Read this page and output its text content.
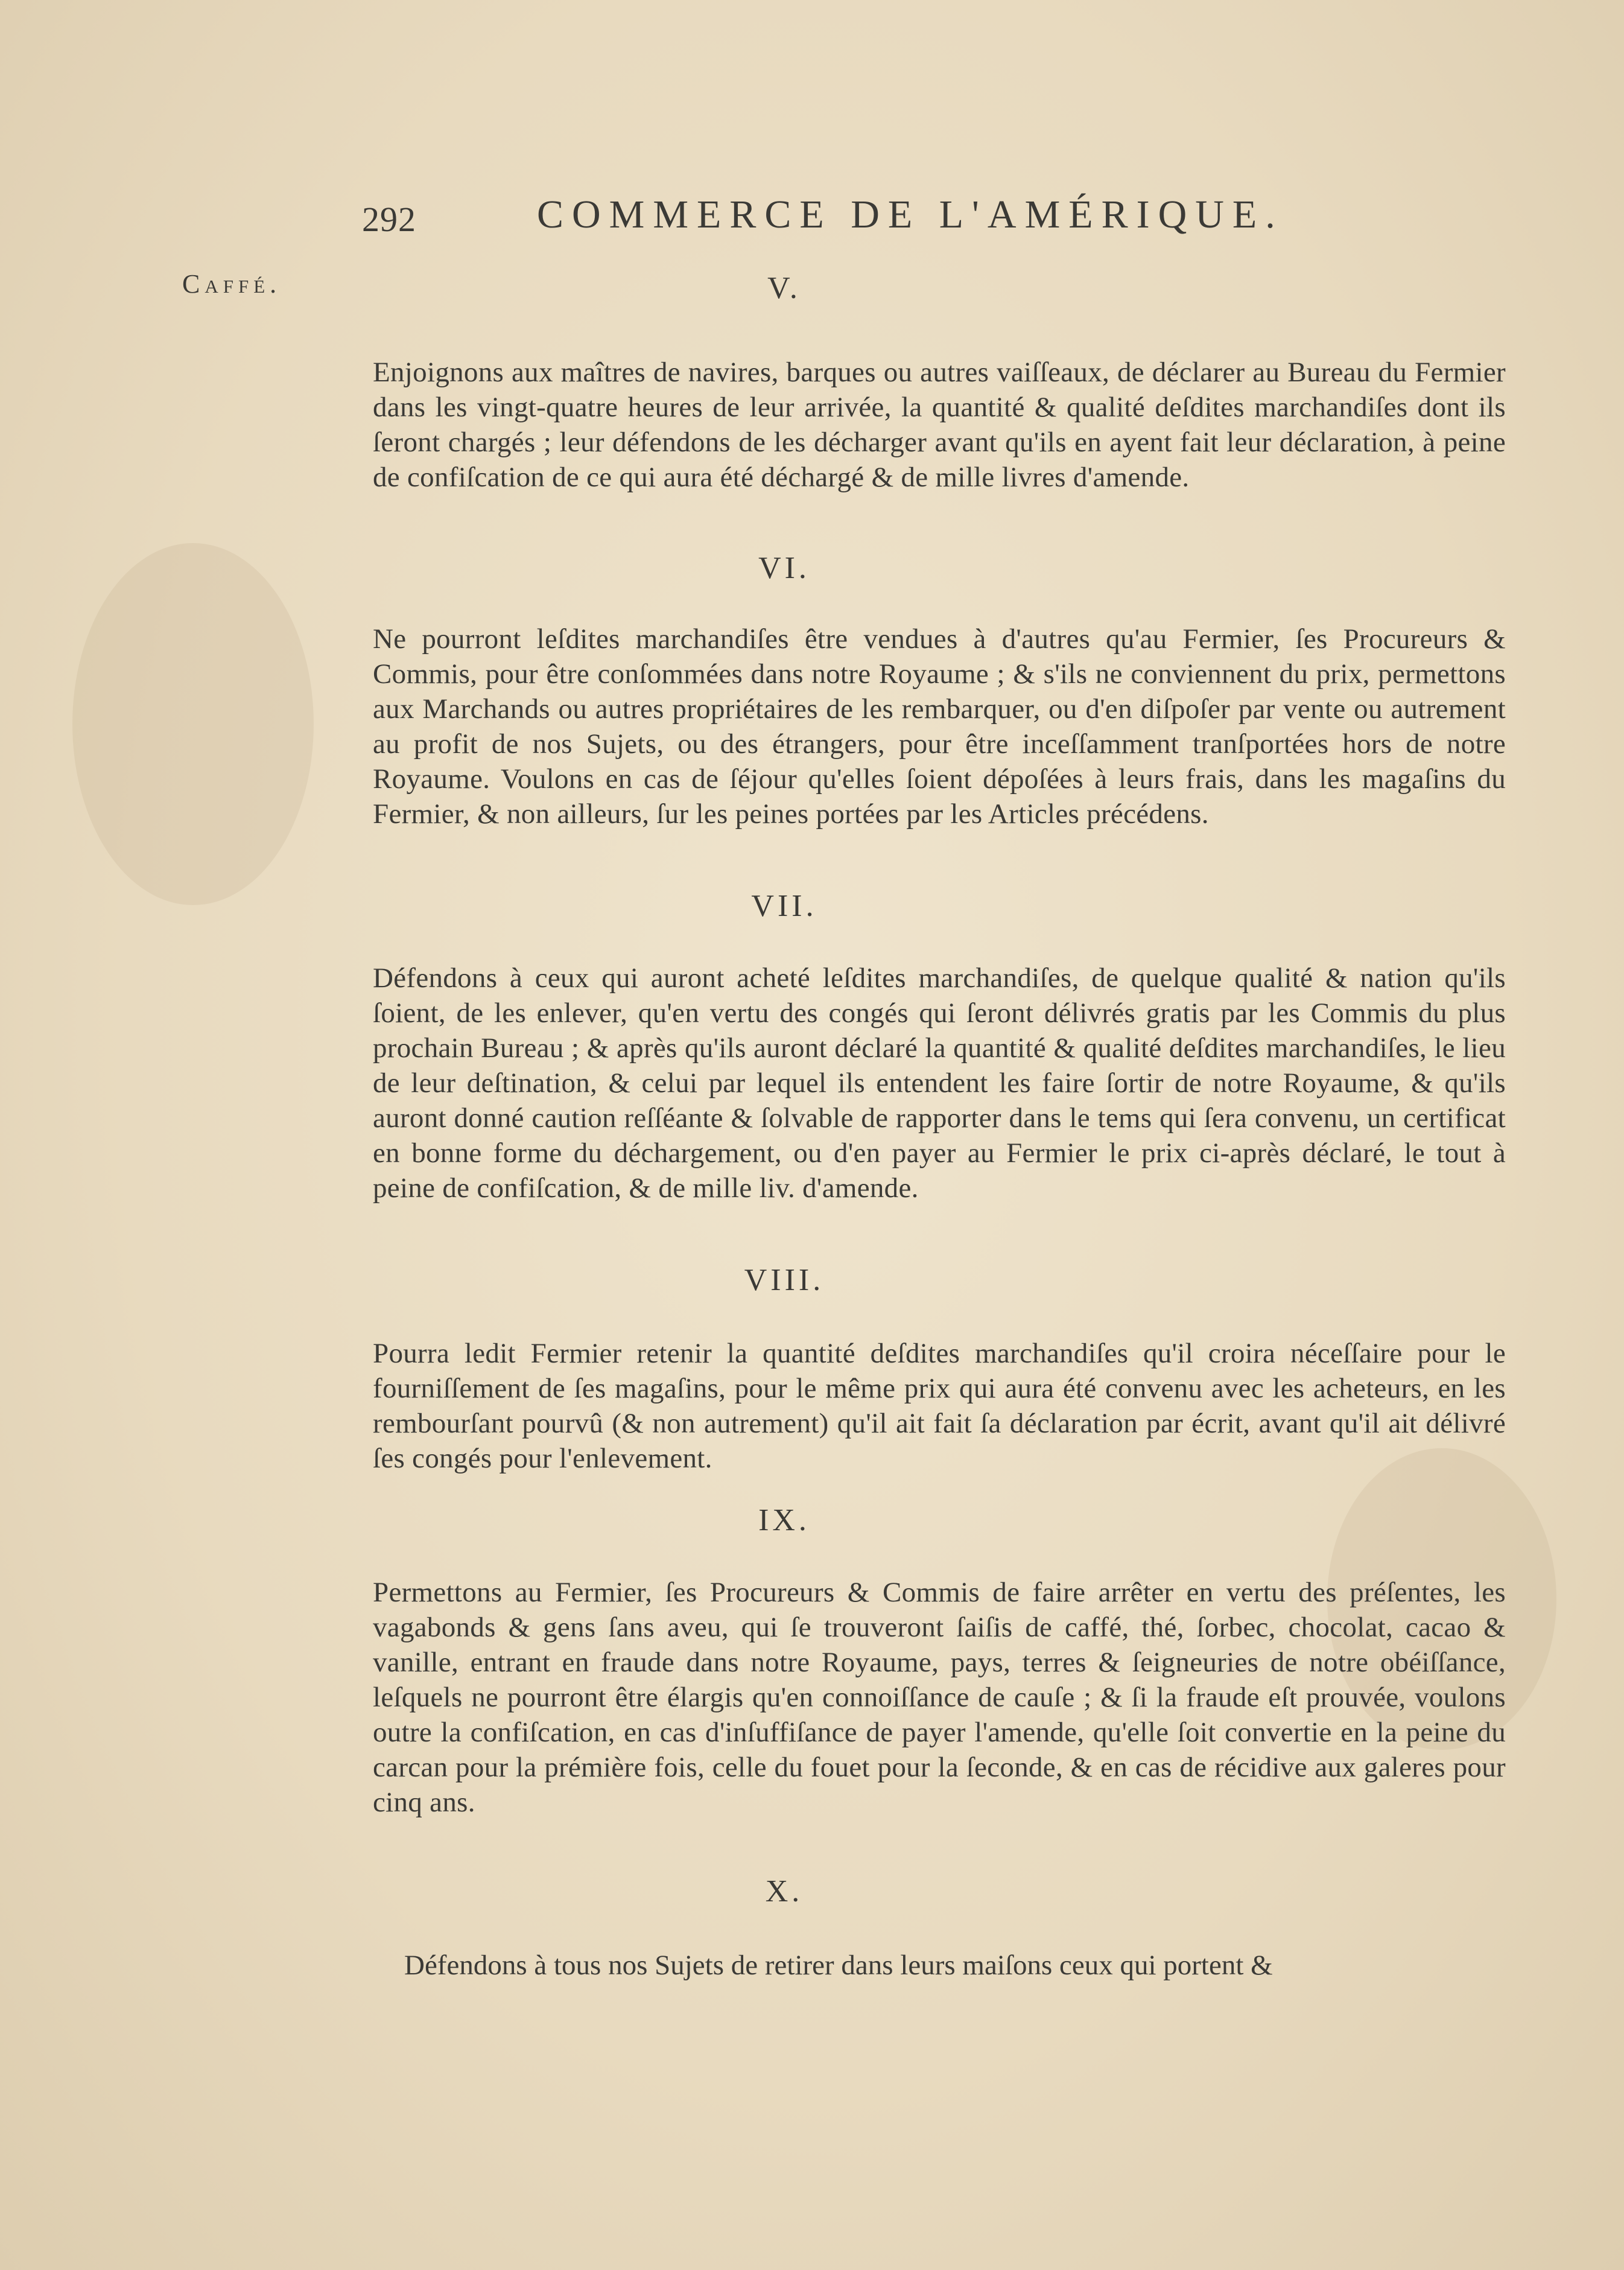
292	COMMERCE DE L'AMÉRIQUE.
Caffé.	V.
Enjoignons aux maîtres de navires, barques ou autres vaiſſeaux, de déclarer au Bureau du Fermier dans les vingt-quatre heures de leur arrivée, la quantité & qualité deſdites marchandiſes dont ils ſeront chargés ; leur défendons de les décharger avant qu'ils en ayent fait leur déclaration, à peine de confiſcation de ce qui aura été déchargé & de mille livres d'amende.
VI.
Ne pourront leſdites marchandiſes être vendues à d'autres qu'au Fermier, ſes Procureurs & Commis, pour être conſommées dans notre Royaume ; & s'ils ne conviennent du prix, permettons aux Marchands ou autres propriétaires de les rembarquer, ou d'en diſpoſer par vente ou autrement au profit de nos Sujets, ou des étrangers, pour être inceſſamment tranſportées hors de notre Royaume. Voulons en cas de ſéjour qu'elles ſoient dépoſées à leurs frais, dans les magaſins du Fermier, & non ailleurs, ſur les peines portées par les Articles précédens.
VII.
Défendons à ceux qui auront acheté leſdites marchandiſes, de quelque qualité & nation qu'ils ſoient, de les enlever, qu'en vertu des congés qui ſeront délivrés gratis par les Commis du plus prochain Bureau ; & après qu'ils auront déclaré la quantité & qualité deſdites marchandiſes, le lieu de leur deſtination, & celui par lequel ils entendent les faire ſortir de notre Royaume, & qu'ils auront donné caution reſſéante & ſolvable de rapporter dans le tems qui ſera convenu, un certificat en bonne forme du déchargement, ou d'en payer au Fermier le prix ci-après déclaré, le tout à peine de confiſcation, & de mille liv. d'amende.
VIII.
Pourra ledit Fermier retenir la quantité deſdites marchandiſes qu'il croira néceſſaire pour le fourniſſement de ſes magaſins, pour le même prix qui aura été convenu avec les acheteurs, en les rembourſant pourvû (& non autrement) qu'il ait fait ſa déclaration par écrit, avant qu'il ait délivré ſes congés pour l'enlevement.
IX.
Permettons au Fermier, ſes Procureurs & Commis de faire arrêter en vertu des préſentes, les vagabonds & gens ſans aveu, qui ſe trouveront ſaiſis de caffé, thé, ſorbec, chocolat, cacao & vanille, entrant en fraude dans notre Royaume, pays, terres & ſeigneuries de notre obéiſſance, leſquels ne pourront être élargis qu'en connoiſſance de cauſe ; & ſi la fraude eſt prouvée, voulons outre la confiſcation, en cas d'inſuffiſance de payer l'amende, qu'elle ſoit convertie en la peine du carcan pour la prémière fois, celle du fouet pour la ſeconde, & en cas de récidive aux galeres pour cinq ans.
X.
Défendons à tous nos Sujets de retirer dans leurs maiſons ceux qui portent &
